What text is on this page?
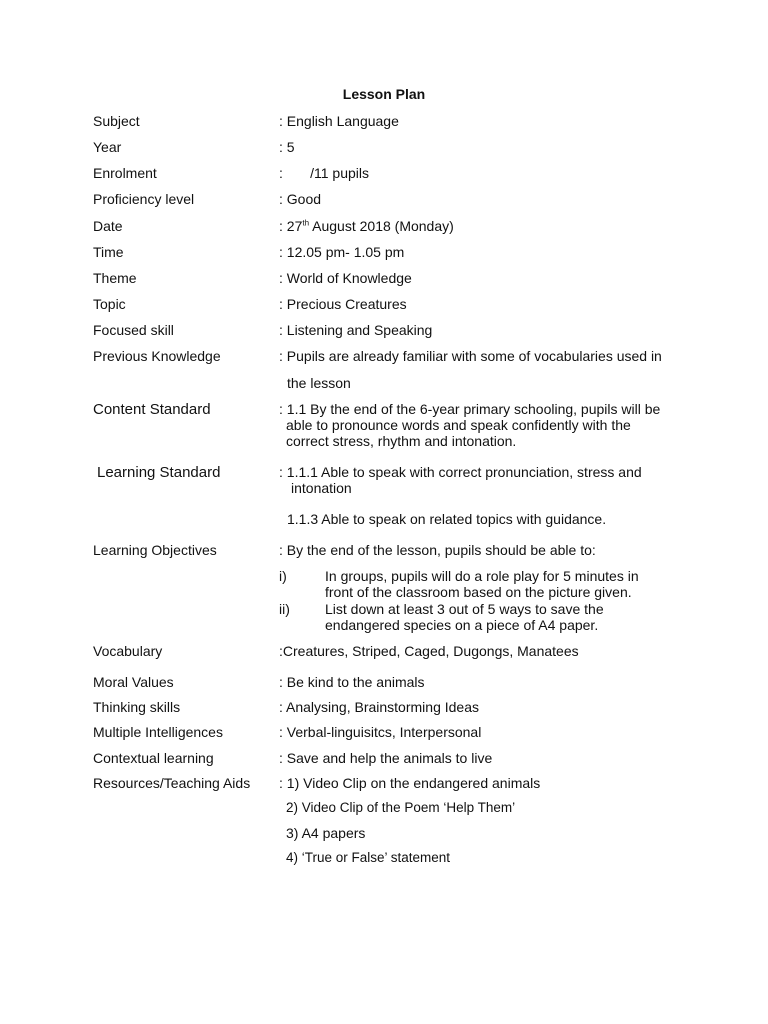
Lesson Plan
Subject	: English Language
Year	: 5
Enrolment	:       /11 pupils
Proficiency level	: Good
Date	: 27th August 2018 (Monday)
Time	: 12.05 pm- 1.05 pm
Theme	: World of Knowledge
Topic	: Precious Creatures
Focused skill	: Listening and Speaking
Previous Knowledge	: Pupils are already familiar with some of vocabularies used in
the lesson
Content Standard	: 1.1 By the end of the 6-year primary schooling, pupils will be
able to pronounce words and speak confidently with the
correct stress, rhythm and intonation.
Learning Standard	: 1.1.1 Able to speak with correct pronunciation, stress and
intonation
1.1.3 Able to speak on related topics with guidance.
Learning Objectives	: By the end of the lesson, pupils should be able to:
i)	In groups, pupils will do a role play for 5 minutes in
front of the classroom based on the picture given.
ii)	List down at least 3 out of 5 ways to save the
endangered species on a piece of A4 paper.
Vocabulary	:Creatures, Striped, Caged, Dugongs, Manatees
Moral Values	: Be kind to the animals
Thinking skills	: Analysing, Brainstorming Ideas
Multiple Intelligences	: Verbal-linguisitcs, Interpersonal
Contextual learning	: Save and help the animals to live
Resources/Teaching Aids : 1) Video Clip on the endangered animals
2) Video Clip of the Poem ‘Help Them’
3) A4 papers
4) ‘True or False’ statement
